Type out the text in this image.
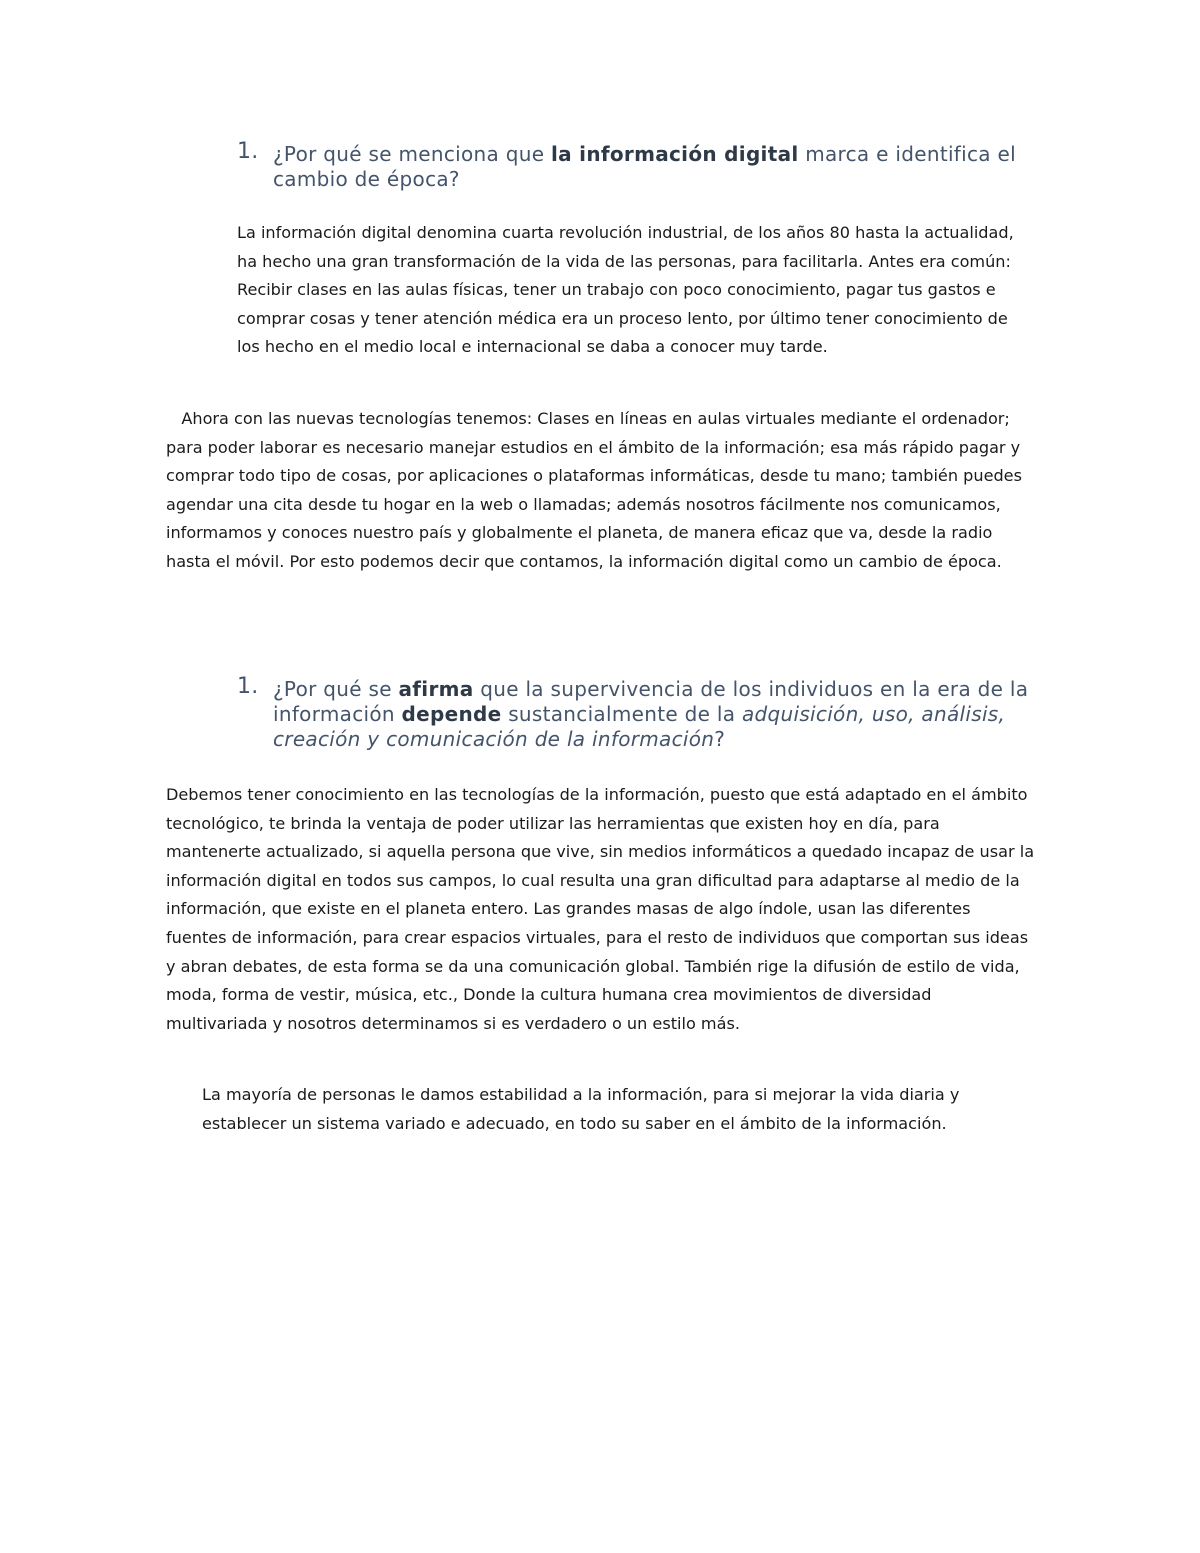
1. ¿Por qué se menciona que la información digital marca e identifica el cambio de época?

La información digital denomina cuarta revolución industrial, de los años 80 hasta la actualidad, ha hecho una gran transformación de la vida de las personas, para facilitarla. Antes era común: Recibir clases en las aulas físicas, tener un trabajo con poco conocimiento, pagar tus gastos e comprar cosas y tener atención médica era un proceso lento, por último tener conocimiento de los hecho en el medio local e internacional se daba a conocer muy tarde.

Ahora con las nuevas tecnologías tenemos: Clases en líneas en aulas virtuales mediante el ordenador; para poder laborar es necesario manejar estudios en el ámbito de la información; esa más rápido pagar y comprar todo tipo de cosas, por aplicaciones o plataformas informáticas, desde tu mano; también puedes agendar una cita desde tu hogar en la web o llamadas; además nosotros fácilmente nos comunicamos, informamos y conoces nuestro país y globalmente el planeta, de manera eficaz que va, desde la radio hasta el móvil. Por esto podemos decir que contamos, la información digital como un cambio de época.

1. ¿Por qué se afirma que la supervivencia de los individuos en la era de la información depende sustancialmente de la adquisición, uso, análisis, creación y comunicación de la información?

Debemos tener conocimiento en las tecnologías de la información, puesto que está adaptado en el ámbito tecnológico, te brinda la ventaja de poder utilizar las herramientas que existen hoy en día, para mantenerte actualizado, si aquella persona que vive, sin medios informáticos a quedado incapaz de usar la información digital en todos sus campos, lo cual resulta una gran dificultad para adaptarse al medio de la información, que existe en el planeta entero. Las grandes masas de algo índole, usan las diferentes fuentes de información, para crear espacios virtuales, para el resto de individuos que comportan sus ideas y abran debates, de esta forma se da una comunicación global. También rige la difusión de estilo de vida, moda, forma de vestir, música, etc., Donde la cultura humana crea movimientos de diversidad multivariada y nosotros determinamos si es verdadero o un estilo más.

La mayoría de personas le damos estabilidad a la información, para si mejorar la vida diaria y establecer un sistema variado e adecuado, en todo su saber en el ámbito de la información.
